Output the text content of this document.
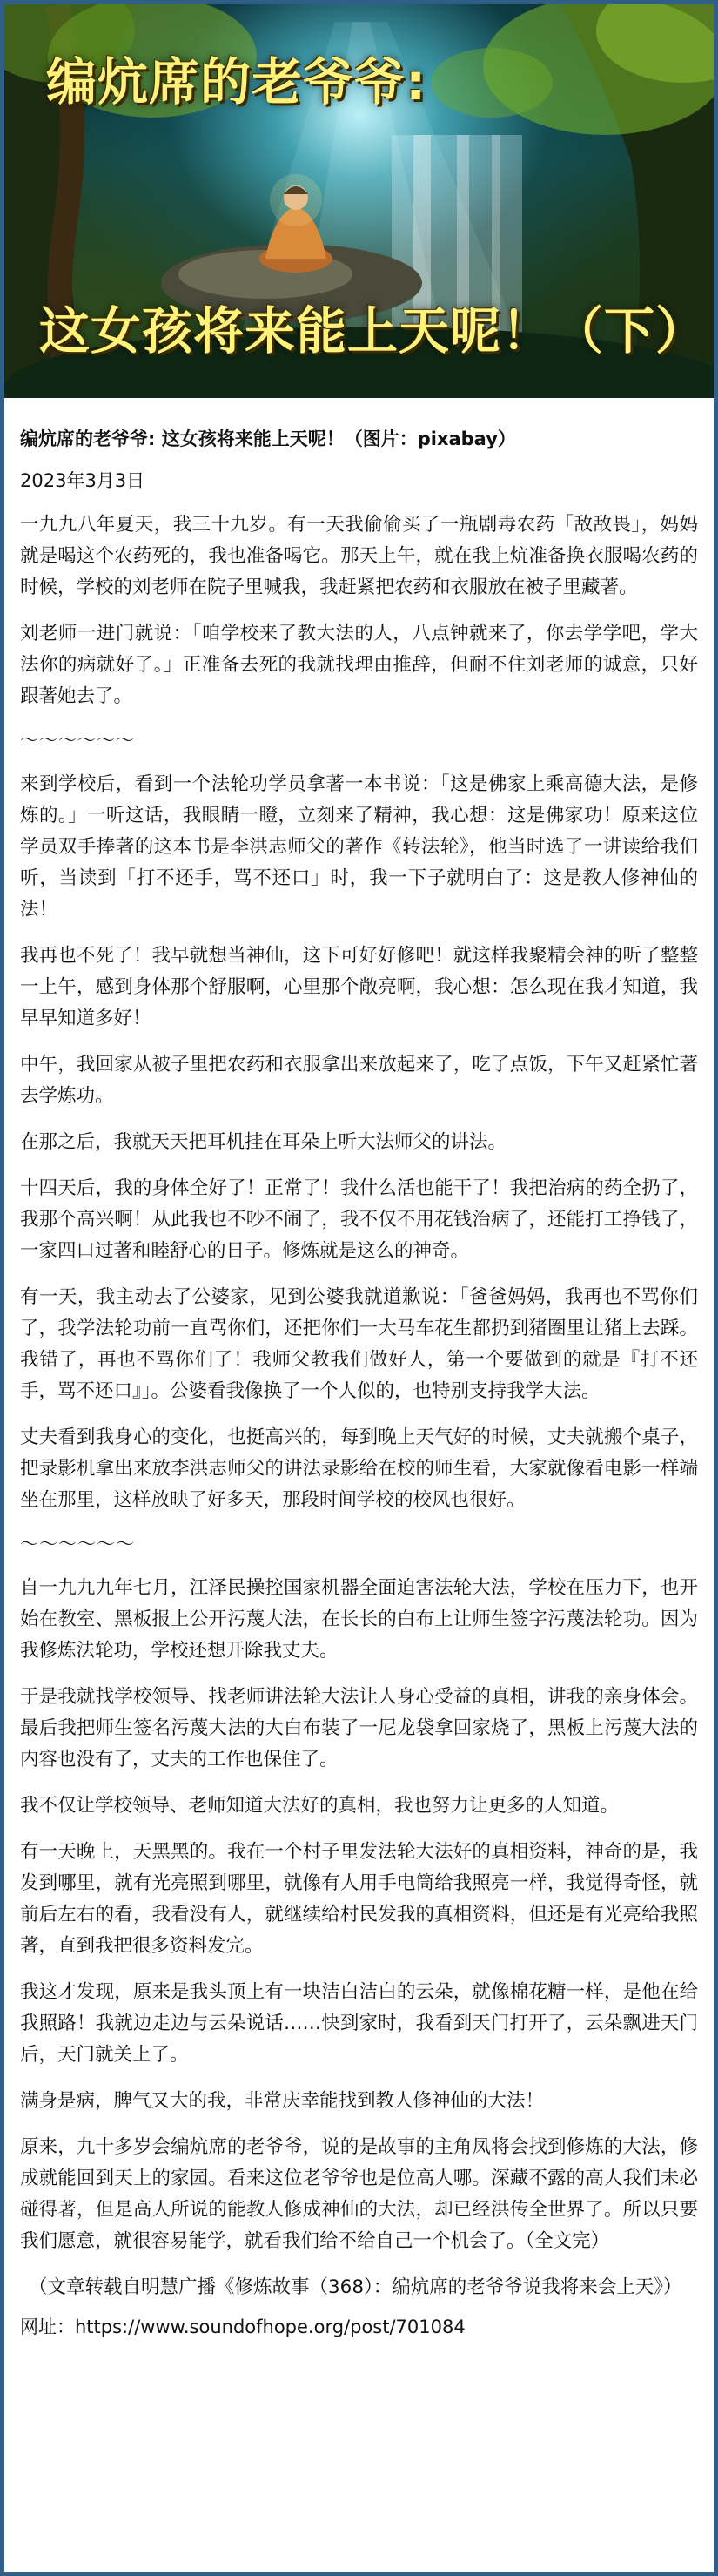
编炕席的老爷爷:
这女孩将来能上天呢！（下）
编炕席的老爷爷: 这女孩将来能上天呢！（图片：pixabay）
2023年3月3日

一九九八年夏天，我三十九岁。有一天我偷偷买了一瓶剧毒农药「敌敌畏」，妈妈就是喝这个农药死的，我也准备喝它。那天上午，就在我上炕准备换衣服喝农药的时候，学校的刘老师在院子里喊我，我赶紧把农药和衣服放在被子里藏著。

刘老师一进门就说：「咱学校来了教大法的人，八点钟就来了，你去学学吧，学大法你的病就好了。」正准备去死的我就找理由推辞，但耐不住刘老师的诚意，只好跟著她去了。

～～～～～～

来到学校后，看到一个法轮功学员拿著一本书说：「这是佛家上乘高德大法，是修炼的。」一听这话，我眼睛一瞪，立刻来了精神，我心想：这是佛家功！原来这位学员双手捧著的这本书是李洪志师父的著作《转法轮》，他当时选了一讲读给我们听，当读到「打不还手，骂不还口」时，我一下子就明白了：这是教人修神仙的法！

我再也不死了！我早就想当神仙，这下可好好修吧！就这样我聚精会神的听了整整一上午，感到身体那个舒服啊，心里那个敞亮啊，我心想：怎么现在我才知道，我早早知道多好！

中午，我回家从被子里把农药和衣服拿出来放起来了，吃了点饭，下午又赶紧忙著去学炼功。

在那之后，我就天天把耳机挂在耳朵上听大法师父的讲法。

十四天后，我的身体全好了！正常了！我什么活也能干了！我把治病的药全扔了，我那个高兴啊！从此我也不吵不闹了，我不仅不用花钱治病了，还能打工挣钱了，一家四口过著和睦舒心的日子。修炼就是这么的神奇。

有一天，我主动去了公婆家，见到公婆我就道歉说：「爸爸妈妈，我再也不骂你们了，我学法轮功前一直骂你们，还把你们一大马车花生都扔到猪圈里让猪上去踩。我错了，再也不骂你们了！我师父教我们做好人，第一个要做到的就是『打不还手，骂不还口』」。公婆看我像换了一个人似的，也特别支持我学大法。

丈夫看到我身心的变化，也挺高兴的，每到晚上天气好的时候，丈夫就搬个桌子，把录影机拿出来放李洪志师父的讲法录影给在校的师生看，大家就像看电影一样端坐在那里，这样放映了好多天，那段时间学校的校风也很好。

～～～～～～

自一九九九年七月，江泽民操控国家机器全面迫害法轮大法，学校在压力下，也开始在教室、黑板报上公开污蔑大法，在长长的白布上让师生签字污蔑法轮功。因为我修炼法轮功，学校还想开除我丈夫。

于是我就找学校领导、找老师讲法轮大法让人身心受益的真相，讲我的亲身体会。最后我把师生签名污蔑大法的大白布装了一尼龙袋拿回家烧了，黑板上污蔑大法的内容也没有了，丈夫的工作也保住了。

我不仅让学校领导、老师知道大法好的真相，我也努力让更多的人知道。

有一天晚上，天黑黑的。我在一个村子里发法轮大法好的真相资料，神奇的是，我发到哪里，就有光亮照到哪里，就像有人用手电筒给我照亮一样，我觉得奇怪，就前后左右的看，我看没有人，就继续给村民发我的真相资料，但还是有光亮给我照著，直到我把很多资料发完。

我这才发现，原来是我头顶上有一块洁白洁白的云朵，就像棉花糖一样，是他在给我照路！我就边走边与云朵说话……快到家时，我看到天门打开了，云朵飘进天门后，天门就关上了。

满身是病，脾气又大的我，非常庆幸能找到教人修神仙的大法！

原来，九十多岁会编炕席的老爷爷，说的是故事的主角凤将会找到修炼的大法，修成就能回到天上的家园。看来这位老爷爷也是位高人哪。深藏不露的高人我们未必碰得著，但是高人所说的能教人修成神仙的大法，却已经洪传全世界了。所以只要我们愿意，就很容易能学，就看我们给不给自己一个机会了。（全文完）

（文章转载自明慧广播《修炼故事（368）：编炕席的老爷爷说我将来会上天》）
网址：https://www.soundofhope.org/post/701084
